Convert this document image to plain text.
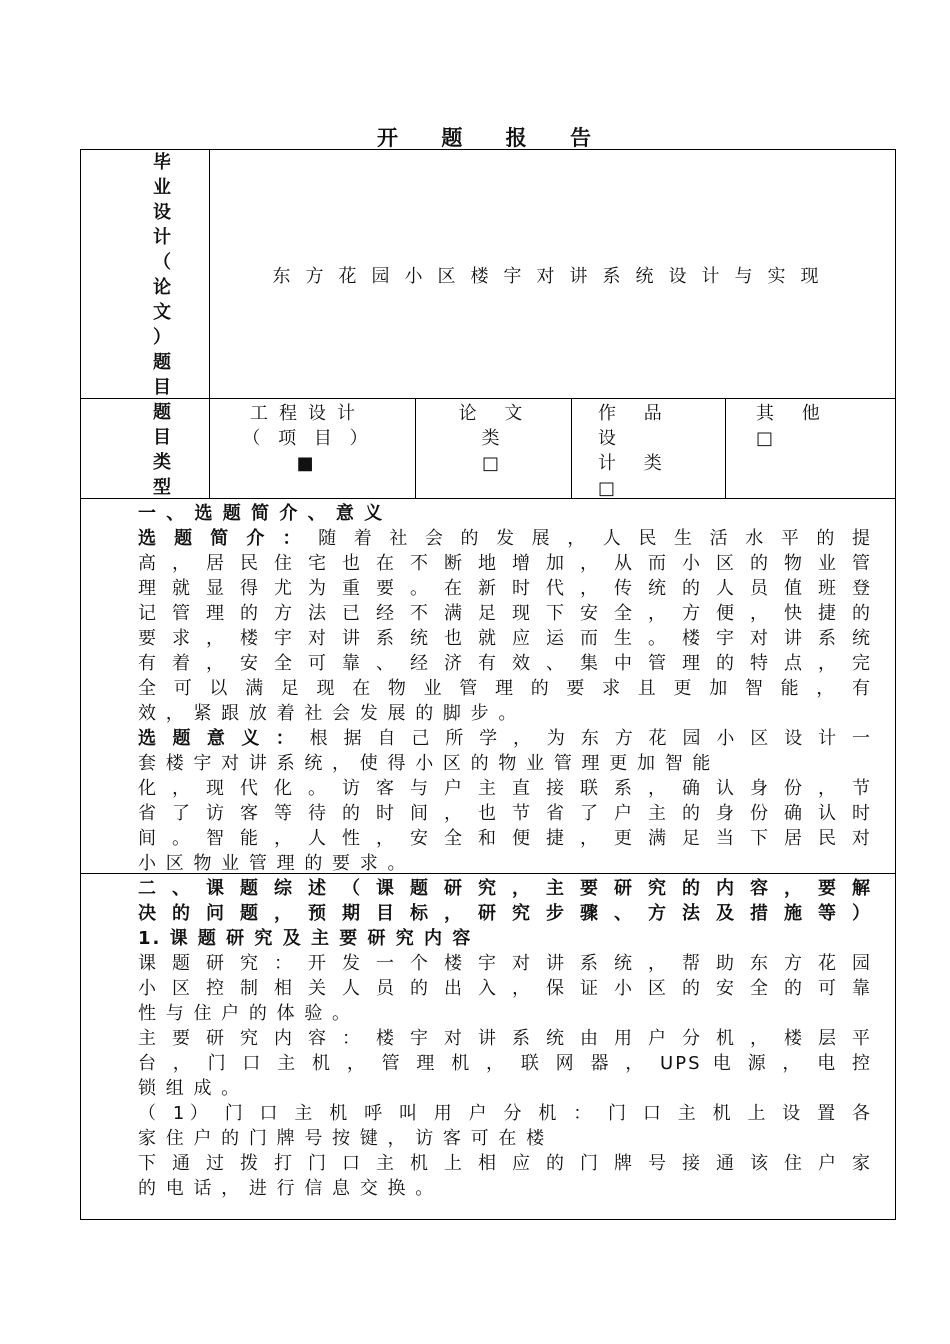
开 题 报 告
毕
业
设
计
（
论
文
）
题
目
东方花园小区楼宇对讲系统设计与实现
题
目
类
型
工程设计
（ 项 目 ） ■
论 文 类
□
作 品 设
计 类 □
其 他 □
一 、 选 题 简 介 、 意 义
选 题 简 介 ： 随 着 社 会 的 发 展 ， 人 民 生 活 水 平 的 提
高 ， 居 民 住 宅 也 在 不 断 地 增 加 ， 从 而 小 区 的 物 业 管
理 就 显 得 尤 为 重 要 。 在 新 时 代 ， 传 统 的 人 员 值 班 登
记 管 理 的 方 法 已 经 不 满 足 现 下 安 全 ， 方 便 ， 快 捷 的
要 求 ， 楼 宇 对 讲 系 统 也 就 应 运 而 生 。 楼 宇 对 讲 系 统
有 着 ， 安 全 可 靠 、 经 济 有 效 、 集 中 管 理 的 特 点 ， 完
全 可 以 满 足 现 在 物 业 管 理 的 要 求 且 更 加 智 能 ， 有
效 ， 紧 跟 放 着 社 会 发 展 的 脚 步 。
选 题 意 义 ： 根 据 自 己 所 学 ， 为 东 方 花 园 小 区 设 计 一
套 楼 宇 对 讲 系 统 ， 使 得 小 区 的 物 业 管 理 更 加 智 能
化 ， 现 代 化 。 访 客 与 户 主 直 接 联 系 ， 确 认 身 份 ， 节
省 了 访 客 等 待 的 时 间 ， 也 节 省 了 户 主 的 身 份 确 认 时
间 。 智 能 ， 人 性 ， 安 全 和 便 捷 ， 更 满 足 当 下 居 民 对
小 区 物 业 管 理 的 要 求 。
二 、 课 题 综 述 （ 课 题 研 究 ， 主 要 研 究 的 内 容 ， 要 解
决 的 问 题 ， 预 期 目 标 ， 研 究 步 骤 、 方 法 及 措 施 等 ）
1. 课 题 研 究 及 主 要 研 究 内 容
课 题 研 究 ： 开 发 一 个 楼 宇 对 讲 系 统 ， 帮 助 东 方 花 园
小 区 控 制 相 关 人 员 的 出 入 ， 保 证 小 区 的 安 全 的 可 靠
性 与 住 户 的 体 验 。
主 要 研 究 内 容 ： 楼 宇 对 讲 系 统 由 用 户 分 机 ， 楼 层 平
台 ， 门 口 主 机 ， 管 理 机 ， 联 网 器 ， UPS 电 源 ， 电 控
锁 组 成 。
（ 1） 门 口 主 机 呼 叫 用 户 分 机 ： 门 口 主 机 上 设 置 各
家 住 户 的 门 牌 号 按 键 ， 访 客 可 在 楼
下 通 过 拨 打 门 口 主 机 上 相 应 的 门 牌 号 接 通 该 住 户 家
的 电 话 ， 进 行 信 息 交 换 。
